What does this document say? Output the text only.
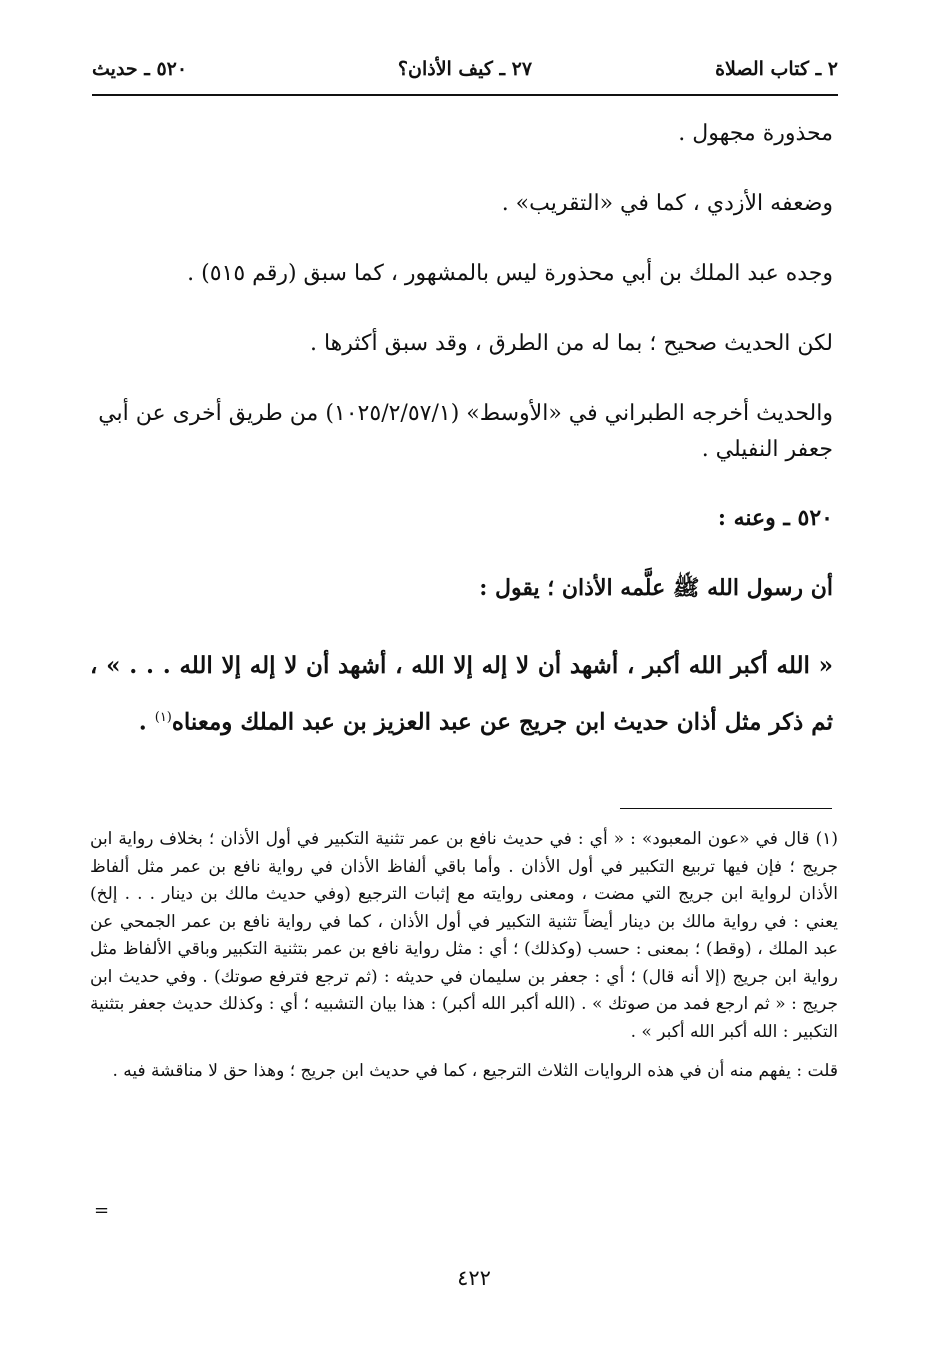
٢ ـ كتاب الصلاة
٢٧ ـ كيف الأذان؟
٥٢٠ ـ حديث

محذورة مجهول .

وضعفه الأزدي ، كما في «التقريب» .

وجده عبد الملك بن أبي محذورة ليس بالمشهور ، كما سبق (رقم ٥١٥) .

لكن الحديث صحيح ؛ بما له من الطرق ، وقد سبق أكثرها .

والحديث أخرجه الطبراني في «الأوسط» (١٠٢٥/٢/٥٧/١) من طريق أخرى عن أبي جعفر النفيلي .

٥٢٠ ـ وعنه :

أن رسول الله ﷺ علَّمه الأذان ؛ يقول :

« الله أكبر الله أكبر ، أشهد أن لا إله إلا الله ، أشهد أن لا إله إلا الله . . . » ، ثم ذكر مثل أذان حديث ابن جريج عن عبد العزيز بن عبد الملك ومعناه$^{(١)}$ .

(١) قال في «عون المعبود» : « أي : في حديث نافع بن عمر تثنية التكبير في أول الأذان ؛ بخلاف رواية ابن جريج ؛ فإن فيها تربيع التكبير في أول الأذان . وأما باقي ألفاظ الأذان في رواية نافع بن عمر مثل ألفاظ الأذان لرواية ابن جريج التي مضت ، ومعنى روايته مع إثبات الترجيع (وفي حديث مالك بن دينار . . . إلخ) يعني : في رواية مالك بن دينار أيضاً تثنية التكبير في أول الأذان ، كما في رواية نافع بن عمر الجمحي عن عبد الملك ، (وقط) ؛ بمعنى : حسب (وكذلك) ؛ أي : مثل رواية نافع بن عمر بتثنية التكبير وباقي الألفاظ مثل رواية ابن جريج (إلا أنه قال) ؛ أي : جعفر بن سليمان في حديثه : (ثم ترجع فترفع صوتك) . وفي حديث ابن جريج : « ثم ارجع فمد من صوتك » . (الله أكبر الله أكبر) : هذا بيان التشبيه ؛ أي : وكذلك حديث جعفر بتثنية التكبير : الله أكبر الله أكبر » .

قلت : يفهم منه أن في هذه الروايات الثلاث الترجيع ، كما في حديث ابن جريج ؛ وهذا حق لا مناقشة فيه .

=
٤٢٢
